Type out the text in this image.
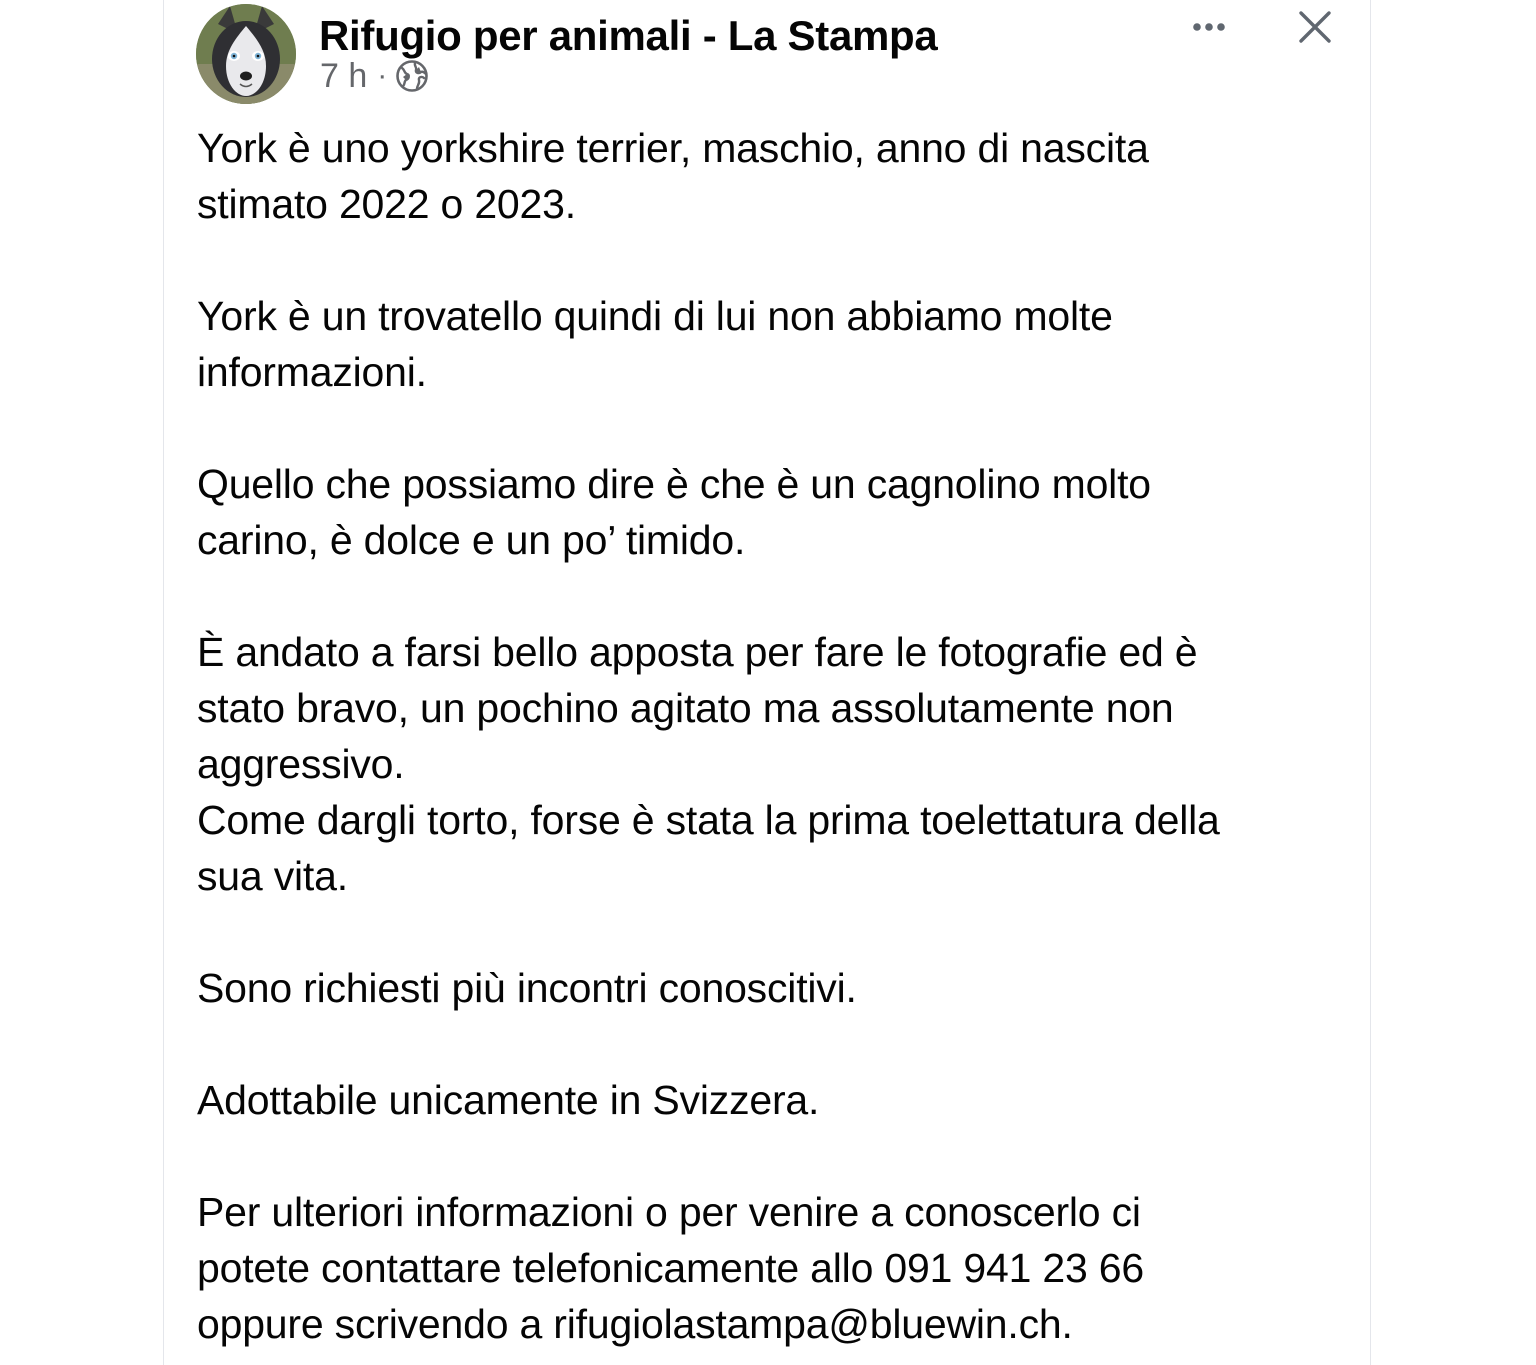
Rifugio per animali - La Stampa
7 h ·

York è uno yorkshire terrier, maschio, anno di nascita
stimato 2022 o 2023.

York è un trovatello quindi di lui non abbiamo molte
informazioni.

Quello che possiamo dire è che è un cagnolino molto
carino, è dolce e un po’ timido.

È andato a farsi bello apposta per fare le fotografie ed è
stato bravo, un pochino agitato ma assolutamente non
aggressivo.

Come dargli torto, forse è stata la prima toelettatura della
sua vita.

Sono richiesti più incontri conoscitivi.

Adottabile unicamente in Svizzera.

Per ulteriori informazioni o per venire a conoscerlo ci
potete contattare telefonicamente allo 091 941 23 66
oppure scrivendo a rifugiolastampa@bluewin.ch.
